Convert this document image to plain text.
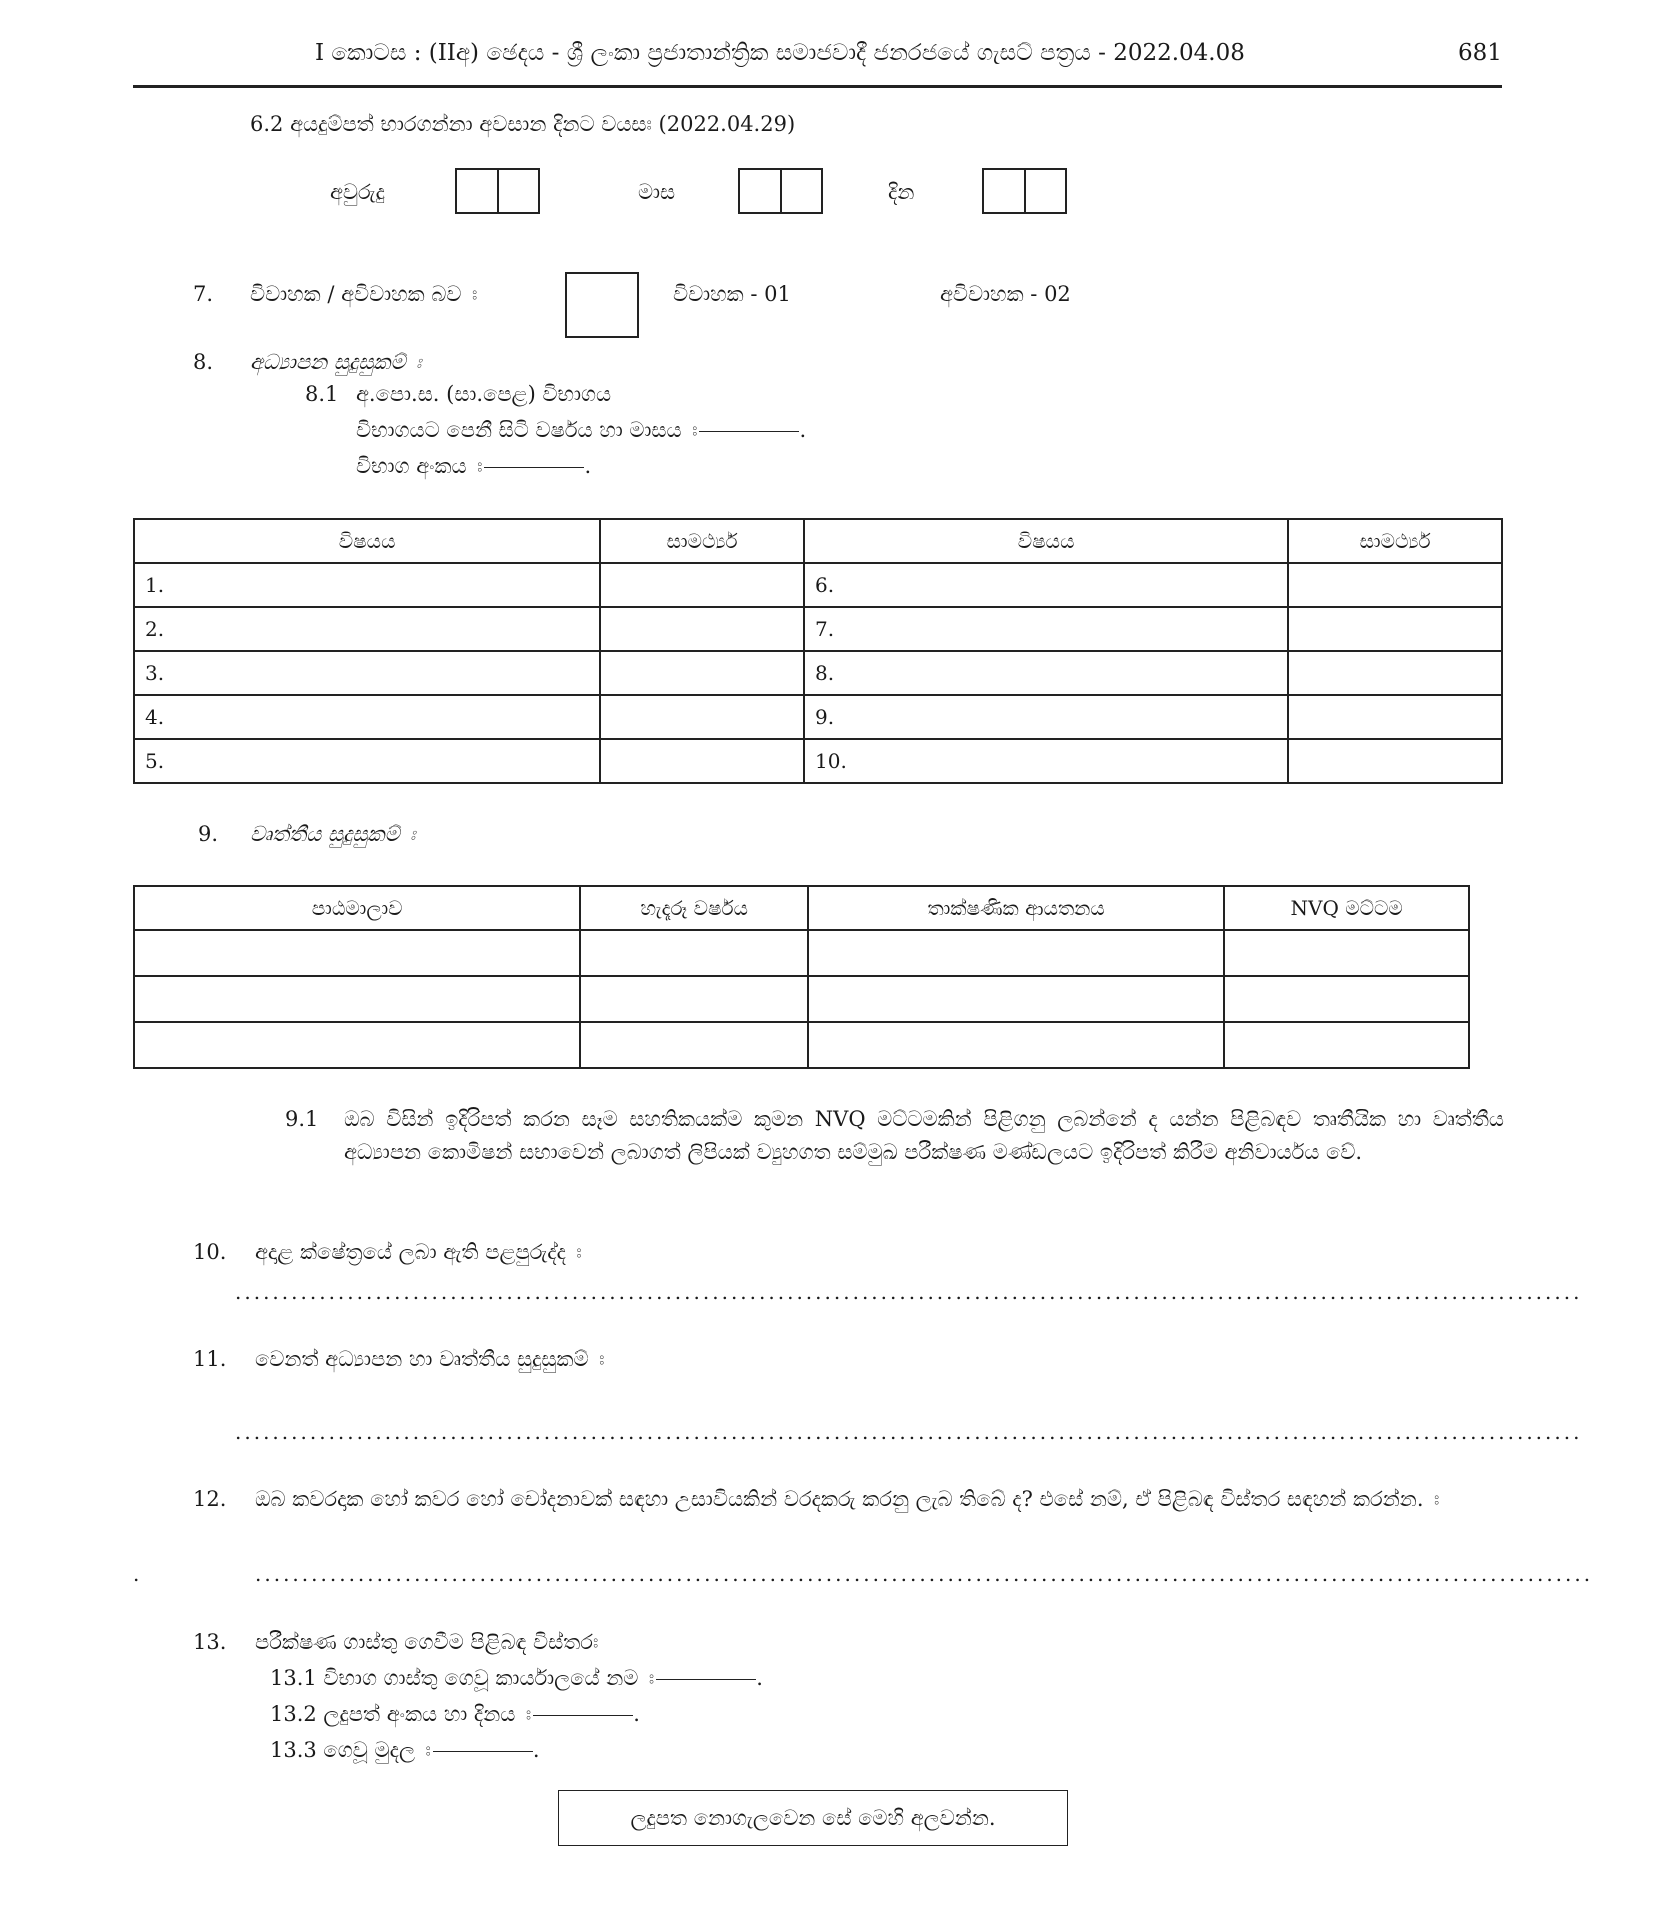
I කොටස : (IIඅ) ඡෙදය - ශ්‍රී ලංකා ප්‍රජාතාන්ත්‍රික සමාජවාදී ජනරජයේ ගැසට් පත්‍රය - 2022.04.08	681
6.2 අයදුම්පත් භාරගන්නා අවසාන දිනට වයසඃ (2022.04.29)
අවුරුදු	මාස	දින
7. විවාහක / අවිවාහක බව ඃ	විවාහක - 01	අවිවාහක - 02
8. අධ්‍යාපන සුදුසුකම් ඃ
8.1 අ.පො.ස. (සා.පෙළ) විභාගය
විභාගයට පෙනී සිටි වර්ෂය හා මාසය ඃ	.
විභාග අංකය ඃ	.
විෂයය	සාමර්ථ්‍ය	විෂයය	සාමර්ථ්‍ය
1.		6.	
2.		7.	
3.		8.	
4.		9.	
5.		10.	
9. වෘත්තීය සුදුසුකම් ඃ
පාඨමාලාව	හැදෑරූ වර්ෂය	තාක්ෂණික ආයතනය	NVQ මට්ටම

9.1 ඔබ විසින් ඉදිරිපත් කරන සෑම සහතිකයක්ම කුමන NVQ මට්ටමකින් පිළිගනු ලබන්නේ ද යන්න පිළිබඳව තෘතීයික හා වෘත්තීය අධ්‍යාපන කොමිෂන් සභාවෙන් ලබාගත් ලිපියක් ව්‍යුහගත සම්මුඛ පරීක්ෂණ මණ්ඩලයට ඉදිරිපත් කිරීම අනිවාර්යය වේ.
10. අදාළ ක්ෂේත්‍රයේ ලබා ඇති පළපුරුද්ද ඃ
................................................................................................................................................
11. වෙනත් අධ්‍යාපන හා වෘත්තීය සුදුසුකම් ඃ
................................................................................................................................................
12. ඔබ කවරදාක හෝ කවර හෝ චෝදනාවක් සඳහා උසාවියකින් වරදකරු කරනු ලැබ තිබේ ද? එසේ නම්, ඒ පිළිබඳ විස්තර සඳහන් කරන්න. ඃ
.	...............................................................................................................................................
13. පරීක්ෂණ ගාස්තු ගෙවීම පිළිබඳ විස්තරඃ
13.1 විභාග ගාස්තු ගෙවූ කාර්යාලයේ නම ඃ	.
13.2 ලදුපත් අංකය හා දිනය ඃ	.
13.3 ගෙවූ මුදල ඃ	.
ලදුපත නොගැලවෙන සේ මෙහි අලවන්න.
